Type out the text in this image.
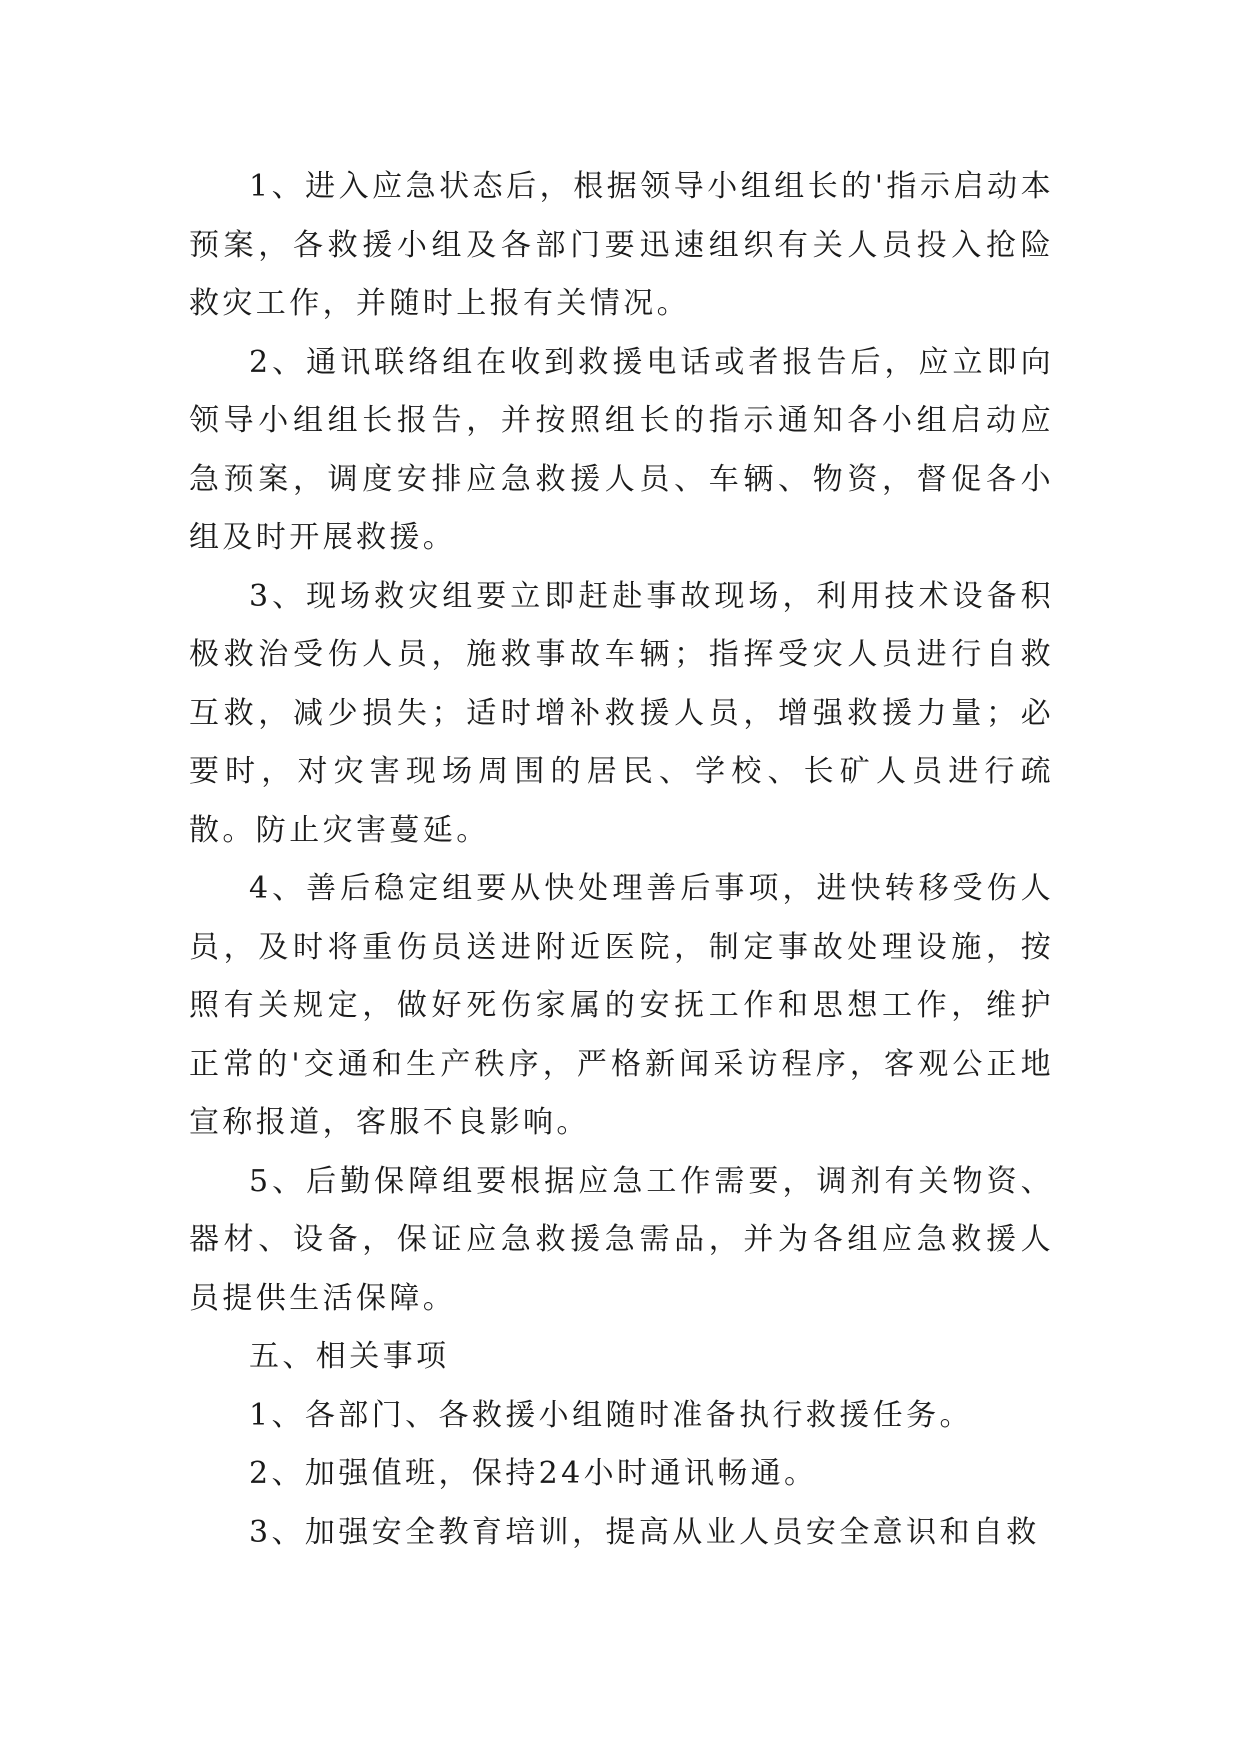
1、进入应急状态后，根据领导小组组长的'指示启动本预案，各救援小组及各部门要迅速组织有关人员投入抢险救灾工作，并随时上报有关情况。

2、通讯联络组在收到救援电话或者报告后，应立即向领导小组组长报告，并按照组长的指示通知各小组启动应急预案，调度安排应急救援人员、车辆、物资，督促各小组及时开展救援。

3、现场救灾组要立即赶赴事故现场，利用技术设备积极救治受伤人员，施救事故车辆；指挥受灾人员进行自救互救，减少损失；适时增补救援人员，增强救援力量；必要时，对灾害现场周围的居民、学校、长矿人员进行疏散。防止灾害蔓延。

4、善后稳定组要从快处理善后事项，进快转移受伤人员，及时将重伤员送进附近医院，制定事故处理设施，按照有关规定，做好死伤家属的安抚工作和思想工作，维护正常的'交通和生产秩序，严格新闻采访程序，客观公正地宣称报道，客服不良影响。

5、后勤保障组要根据应急工作需要，调剂有关物资、器材、设备，保证应急救援急需品，并为各组应急救援人员提供生活保障。

五、相关事项

1、各部门、各救援小组随时准备执行救援任务。

2、加强值班，保持24小时通讯畅通。

3、加强安全教育培训，提高从业人员安全意识和自救
